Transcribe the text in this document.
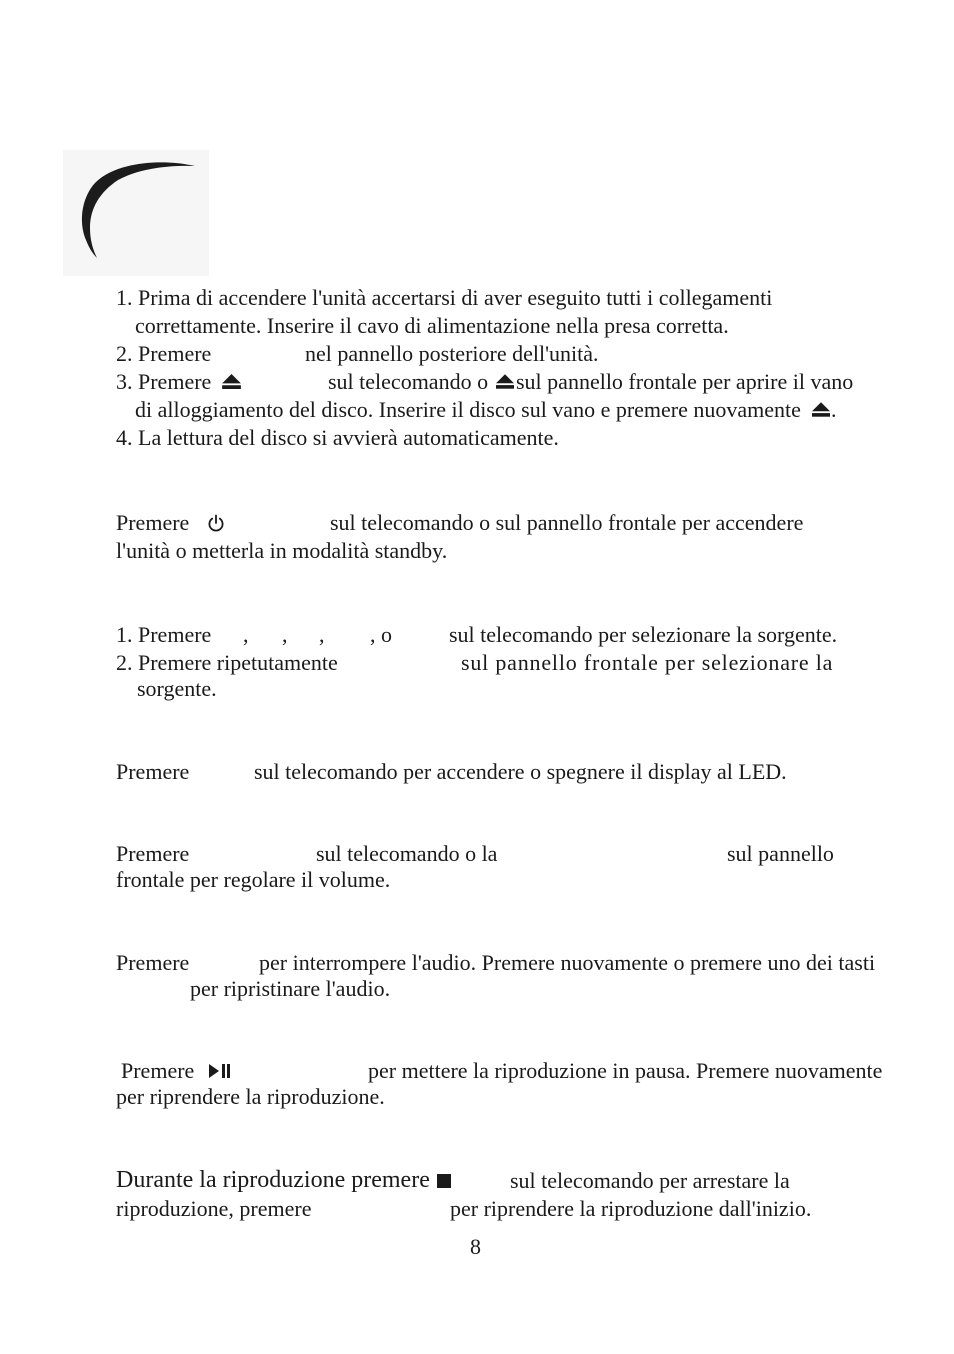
1. Prima di accendere l'unità accertarsi di aver eseguito tutti i collegamenti
correttamente. Inserire il cavo di alimentazione nella presa corretta.
2. Premere	nel pannello posteriore dell'unità.
3. Premere	sul telecomando o sul pannello frontale per aprire il vano
di alloggiamento del disco. Inserire il disco sul vano e premere nuovamente .
4. La lettura del disco si avvierà automaticamente.
Premere	sul telecomando o sul pannello frontale per accendere
l'unità o metterla in modalità standby.
1. Premere , , , , o	sul telecomando per selezionare la sorgente.
2. Premere ripetutamente	sul pannello frontale per selezionare la
sorgente.
Premere	sul telecomando per accendere o spegnere il display al LED.
Premere	sul telecomando o la	sul pannello
frontale per regolare il volume.
Premere	per interrompere l'audio. Premere nuovamente o premere uno dei tasti
per ripristinare l'audio.
Premere	per mettere la riproduzione in pausa. Premere nuovamente
per riprendere la riproduzione.
Durante la riproduzione premere	sul telecomando per arrestare la
riproduzione, premere	per riprendere la riproduzione dall'inizio.
8
